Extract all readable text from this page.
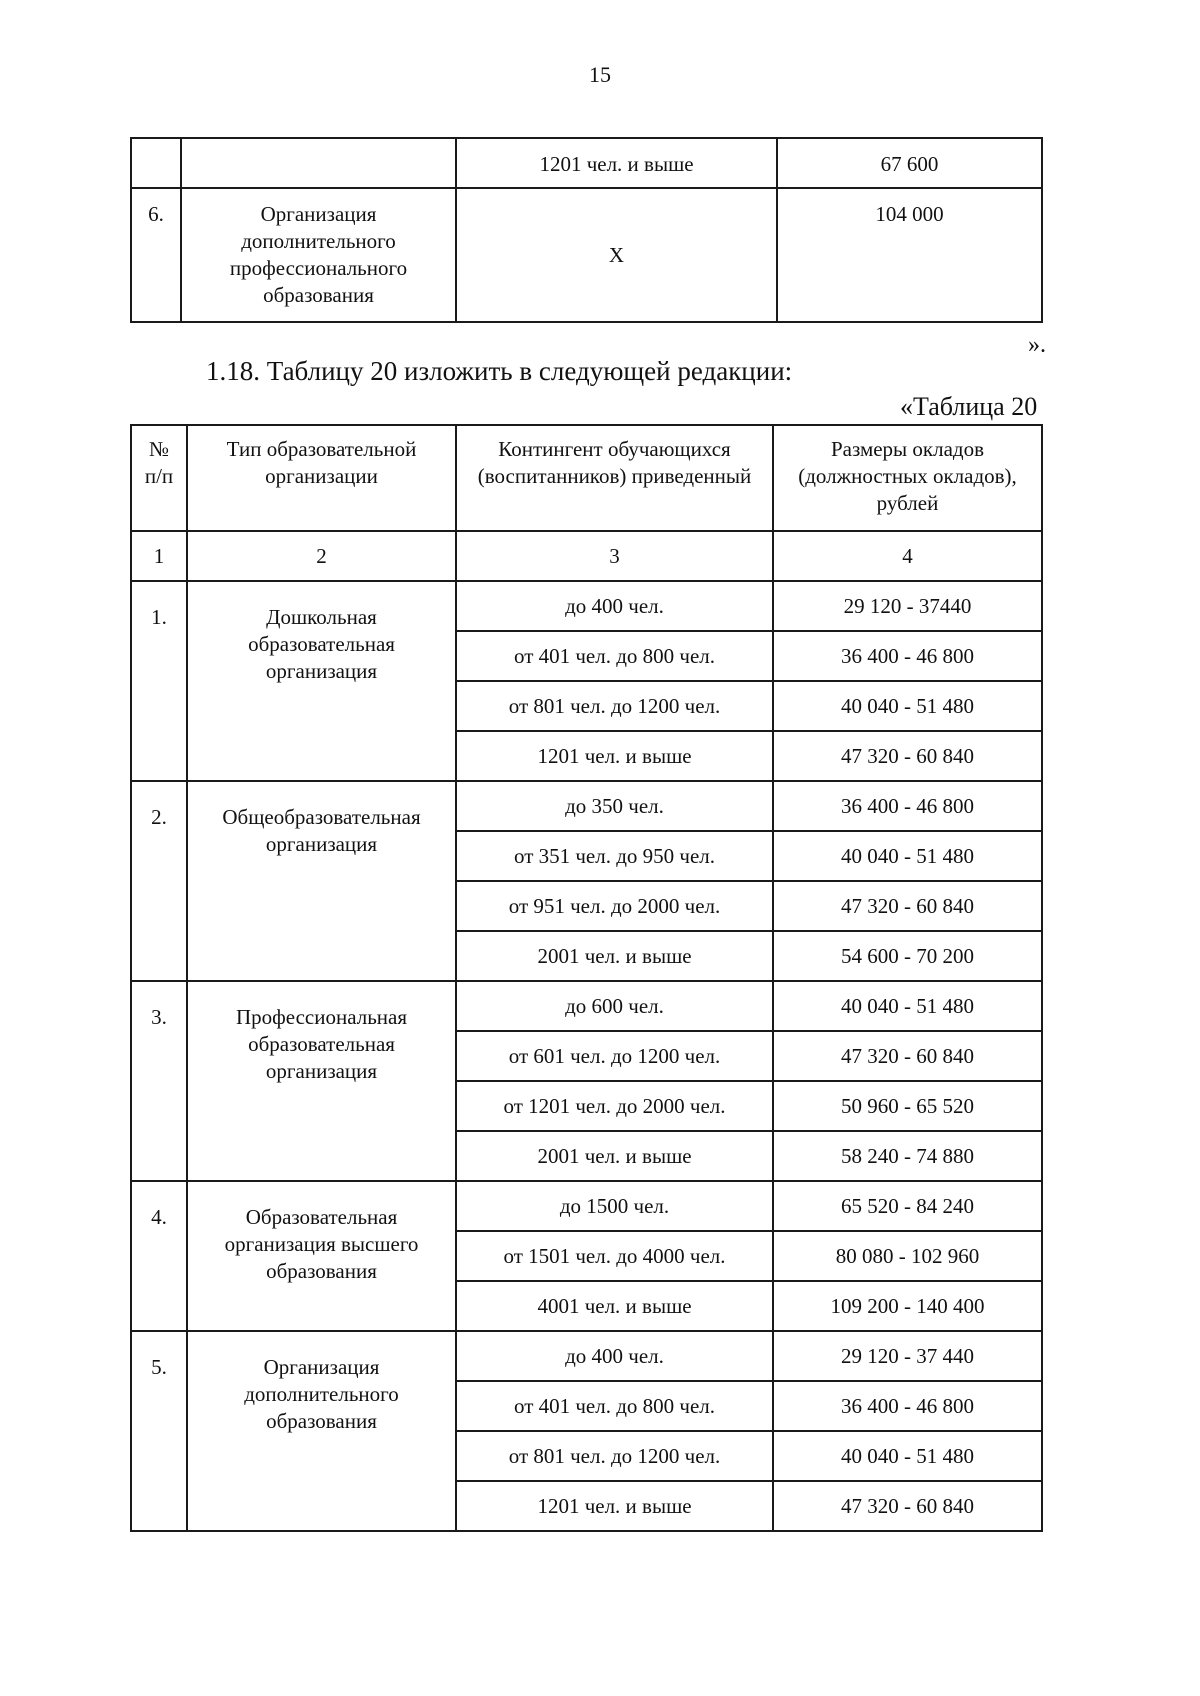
15
		1201 чел. и выше	67 600
6.	Организация дополнительного профессионального образования	Х	104 000
».
1.18. Таблицу 20 изложить в следующей редакции:
«Таблица 20
№ п/п	Тип образовательной организации	Контингент обучающихся (воспитанников) приведенный	Размеры окладов (должностных окладов), рублей
1	2	3	4
1.	Дошкольная образовательная организация	до 400 чел.	29 120 - 37440
		от 401 чел. до 800 чел.	36 400 - 46 800
		от 801 чел. до 1200 чел.	40 040 - 51 480
		1201 чел. и выше	47 320 - 60 840
2.	Общеобразовательная организация	до 350 чел.	36 400 - 46 800
		от 351 чел. до 950 чел.	40 040 - 51 480
		от 951 чел. до 2000 чел.	47 320 - 60 840
		2001 чел. и выше	54 600 - 70 200
3.	Профессиональная образовательная организация	до 600 чел.	40 040 - 51 480
		от 601 чел. до 1200 чел.	47 320 - 60 840
		от 1201 чел. до 2000 чел.	50 960 - 65 520
		2001 чел. и выше	58 240 - 74 880
4.	Образовательная организация высшего образования	до 1500 чел.	65 520 - 84 240
		от 1501 чел. до 4000 чел.	80 080 - 102 960
		4001 чел. и выше	109 200 - 140 400
5.	Организация дополнительного образования	до 400 чел.	29 120 - 37 440
		от 401 чел. до 800 чел.	36 400 - 46 800
		от 801 чел. до 1200 чел.	40 040 - 51 480
		1201 чел. и выше	47 320 - 60 840
